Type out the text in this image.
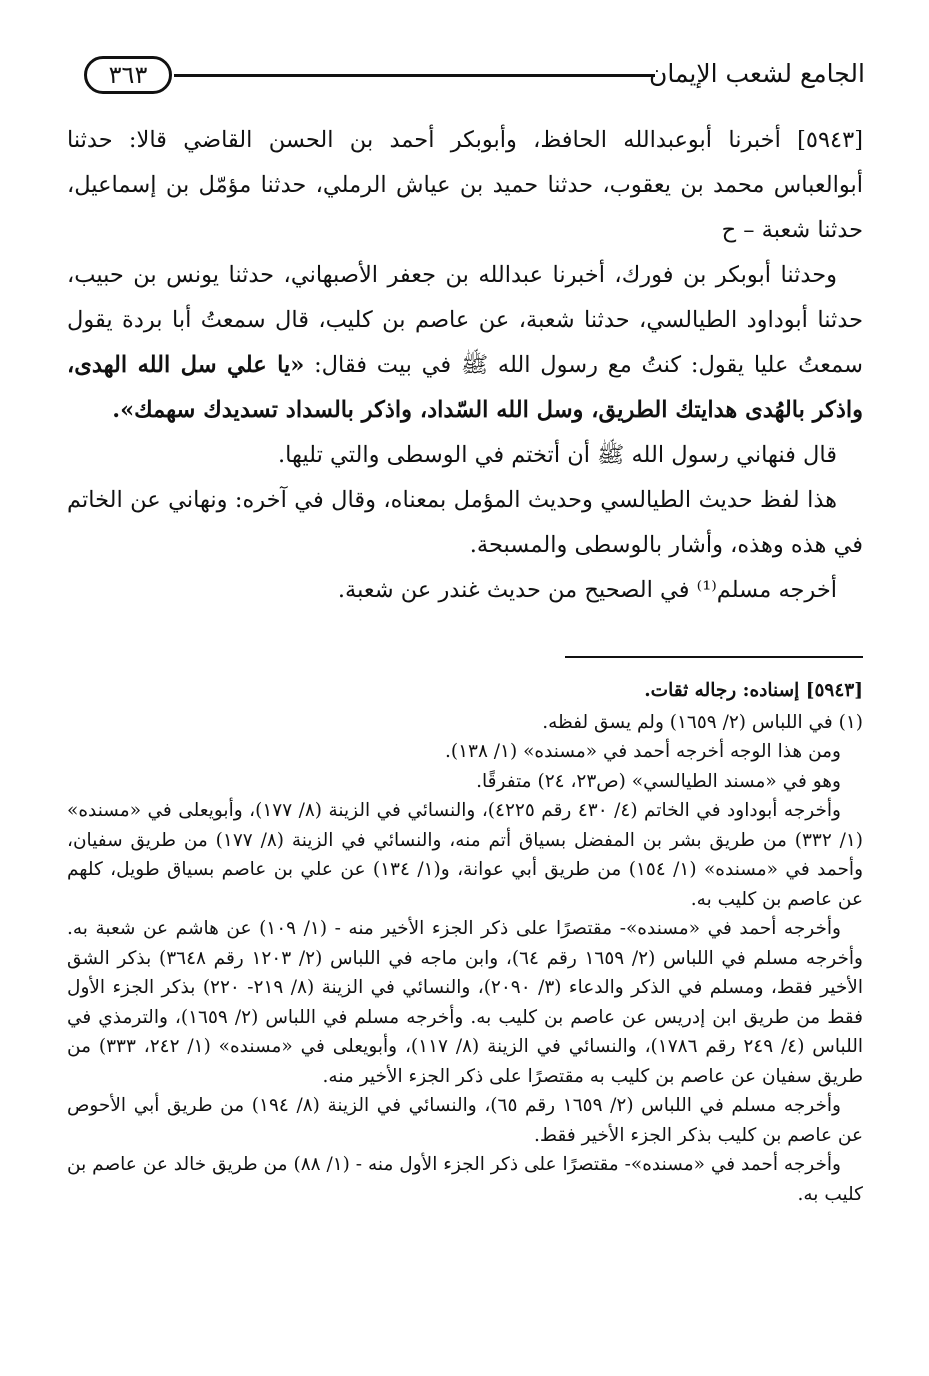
الجامع لشعب الإيمان
٣٦٣

[٥٩٤٣] أخبرنا أبوعبدالله الحافظ، وأبوبكر أحمد بن الحسن القاضي قالا: حدثنا أبوالعباس محمد بن يعقوب، حدثنا حميد بن عياش الرملي، حدثنا مؤمّل بن إسماعيل، حدثنا شعبة – ح

وحدثنا أبوبكر بن فورك، أخبرنا عبدالله بن جعفر الأصبهاني، حدثنا يونس بن حبيب، حدثنا أبوداود الطيالسي، حدثنا شعبة، عن عاصم بن كليب، قال سمعتُ أبا بردة يقول سمعتُ عليا يقول: كنتُ مع رسول الله ﷺ في بيت فقال: «يا علي سل الله الهدى، واذكر بالهُدى هدايتك الطريق، وسل الله السّداد، واذكر بالسداد تسديدك سهمك».

قال فنهاني رسول الله ﷺ أن أتختم في الوسطى والتي تليها.

هذا لفظ حديث الطيالسي وحديث المؤمل بمعناه، وقال في آخره: ونهاني عن الخاتم في هذه وهذه، وأشار بالوسطى والمسبحة.

أخرجه مسلم⁽¹⁾ في الصحيح من حديث غندر عن شعبة.

[٥٩٤٣] إسناده: رجاله ثقات.

(١) في اللباس (٢/ ١٦٥٩) ولم يسق لفظه.

ومن هذا الوجه أخرجه أحمد في «مسنده» (١/ ١٣٨).

وهو في «مسند الطيالسي» (ص٢٣، ٢٤) متفرقًا.

وأخرجه أبوداود في الخاتم (٤/ ٤٣٠ رقم ٤٢٢٥)، والنسائي في الزينة (٨/ ١٧٧)، وأبويعلى في «مسنده» (١/ ٣٣٢) من طريق بشر بن المفضل بسياق أتم منه، والنسائي في الزينة (٨/ ١٧٧) من طريق سفيان، وأحمد في «مسنده» (١/ ١٥٤) من طريق أبي عوانة، و(١/ ١٣٤) عن علي بن عاصم بسياق طويل، كلهم عن عاصم بن كليب به.

وأخرجه أحمد في «مسنده»- مقتصرًا على ذكر الجزء الأخير منه - (١/ ١٠٩) عن هاشم عن شعبة به. وأخرجه مسلم في اللباس (٢/ ١٦٥٩ رقم ٦٤)، وابن ماجه في اللباس (٢/ ١٢٠٣ رقم ٣٦٤٨) بذكر الشق الأخير فقط، ومسلم في الذكر والدعاء (٣/ ٢٠٩٠)، والنسائي في الزينة (٨/ ٢١٩- ٢٢٠) بذكر الجزء الأول فقط من طريق ابن إدريس عن عاصم بن كليب به. وأخرجه مسلم في اللباس (٢/ ١٦٥٩)، والترمذي في اللباس (٤/ ٢٤٩ رقم ١٧٨٦)، والنسائي في الزينة (٨/ ١١٧)، وأبويعلى في «مسنده» (١/ ٢٤٢، ٣٣٣) من طريق سفيان عن عاصم بن كليب به مقتصرًا على ذكر الجزء الأخير منه.

وأخرجه مسلم في اللباس (٢/ ١٦٥٩ رقم ٦٥)، والنسائي في الزينة (٨/ ١٩٤) من طريق أبي الأحوص عن عاصم بن كليب بذكر الجزء الأخير فقط.

وأخرجه أحمد في «مسنده»- مقتصرًا على ذكر الجزء الأول منه - (١/ ٨٨) من طريق خالد عن عاصم بن كليب به.
